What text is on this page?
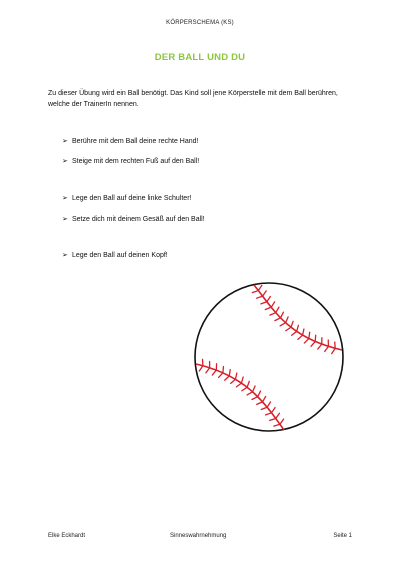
KÖRPERSCHEMA (KS)
DER BALL UND DU

Zu dieser Übung wird ein Ball benötigt. Das Kind soll jene Körperstelle mit dem Ball berühren, welche der TrainerIn nennen.

➢ Berühre mit dem Ball deine rechte Hand!
➢ Steige mit dem rechten Fuß auf den Ball!
➢ Lege den Ball auf deine linke Schulter!
➢ Setze dich mit deinem Gesäß auf den Ball!
➢ Lege den Ball auf deinen Kopf!
Elke Eckhardt	Sinneswahrnehmung	Seite 1
